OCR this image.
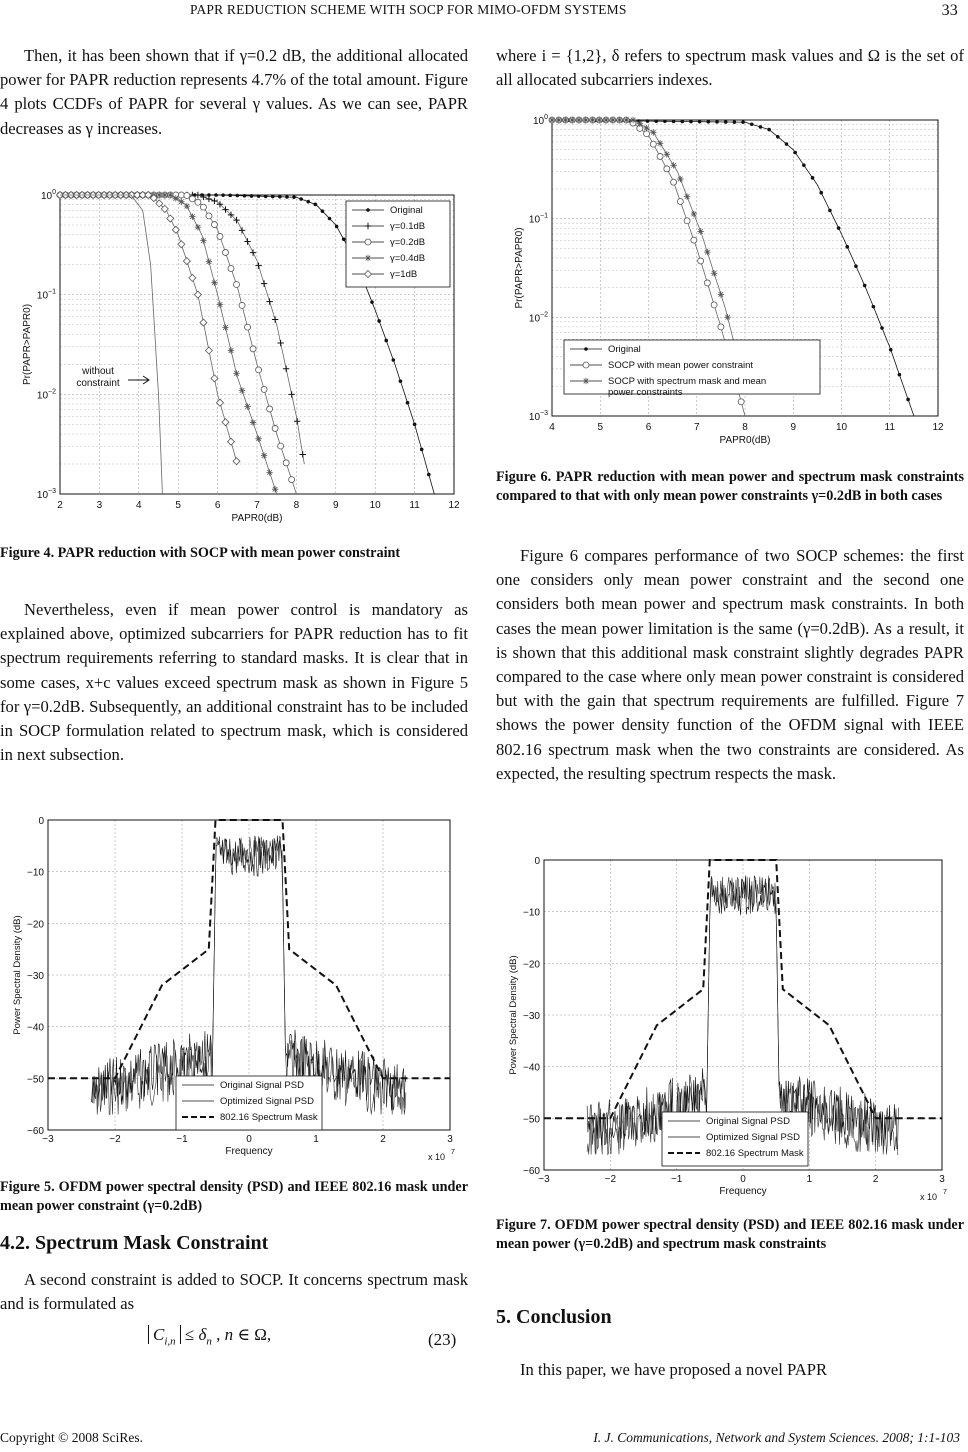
PAPR REDUCTION SCHEME WITH SOCP FOR MIMO-OFDM SYSTEMS	33

Then, it has been shown that if γ=0.2 dB, the additional allocated power for PAPR reduction represents 4.7% of the total amount. Figure 4 plots CCDFs of PAPR for several γ values. As we can see, PAPR decreases as γ increases.

2	3	4	5	6	7	8	9	10	11	12
$10^0$
$10^{-1}$
$10^{-2}$
$10^{-3}$
PAPR0(dB)
Pr(PAPR>PAPR0)
Original
γ=0.1dB
γ=0.2dB
γ=0.4dB
γ=1dB
without
constraint
Figure 4. PAPR reduction with SOCP with mean power constraint

Nevertheless, even if mean power control is mandatory as explained above, optimized subcarriers for PAPR reduction has to fit spectrum requirements referring to standard masks. It is clear that in some cases, x+c values exceed spectrum mask as shown in Figure 5 for γ=0.2dB. Subsequently, an additional constraint has to be included in SOCP formulation related to spectrum mask, which is considered in next subsection.

−3	−2	−1	0	1	2	3
0
−10
−20
−30
−40
−50
−60
Frequency	x 10 7
Power Spectral Density (dB)
Original Signal PSD
Optimized Signal PSD
802.16 Spectrum Mask
Figure 5. OFDM power spectral density (PSD) and IEEE 802.16 mask under mean power constraint (γ=0.2dB)
4.2. Spectrum Mask Constraint

A second constraint is added to SOCP. It concerns spectrum mask and is formulated as

$C_{i,n} \le \delta_n$ , n ∈ Ω,	(23)

where i = {1,2}, δ refers to spectrum mask values and Ω is the set of all allocated subcarriers indexes.

4	5	6	7	8	9	10	11	12
$10^0$
$10^{-1}$
$10^{-2}$
$10^{-3}$
PAPR0(dB)
Pr(PAPR>PAPR0)
Original
SOCP with mean power constraint
SOCP with spectrum mask and mean
power constraints
Figure 6. PAPR reduction with mean power and spectrum mask constraints compared to that with only mean power constraints γ=0.2dB in both cases

Figure 6 compares performance of two SOCP schemes: the first one considers only mean power constraint and the second one considers both mean power and spectrum mask constraints. In both cases the mean power limitation is the same (γ=0.2dB). As a result, it is shown that this additional mask constraint slightly degrades PAPR compared to the case where only mean power constraint is considered but with the gain that spectrum requirements are fulfilled. Figure 7 shows the power density function of the OFDM signal with IEEE 802.16 spectrum mask when the two constraints are considered. As expected, the resulting spectrum respects the mask.

−3	−2	−1	0	1	2	3
0
−10
−20
−30
−40
−50
−60
Frequency	x 10 7
Power Spectral Density (dB)
Original Signal PSD
Optimized Signal PSD
802.16 Spectrum Mask
Figure 7. OFDM power spectral density (PSD) and IEEE 802.16 mask under mean power (γ=0.2dB) and spectrum mask constraints
5. Conclusion

In this paper, we have proposed a novel PAPR

Copyright © 2008 SciRes.	I. J. Communications, Network and System Sciences. 2008; 1:1-103
